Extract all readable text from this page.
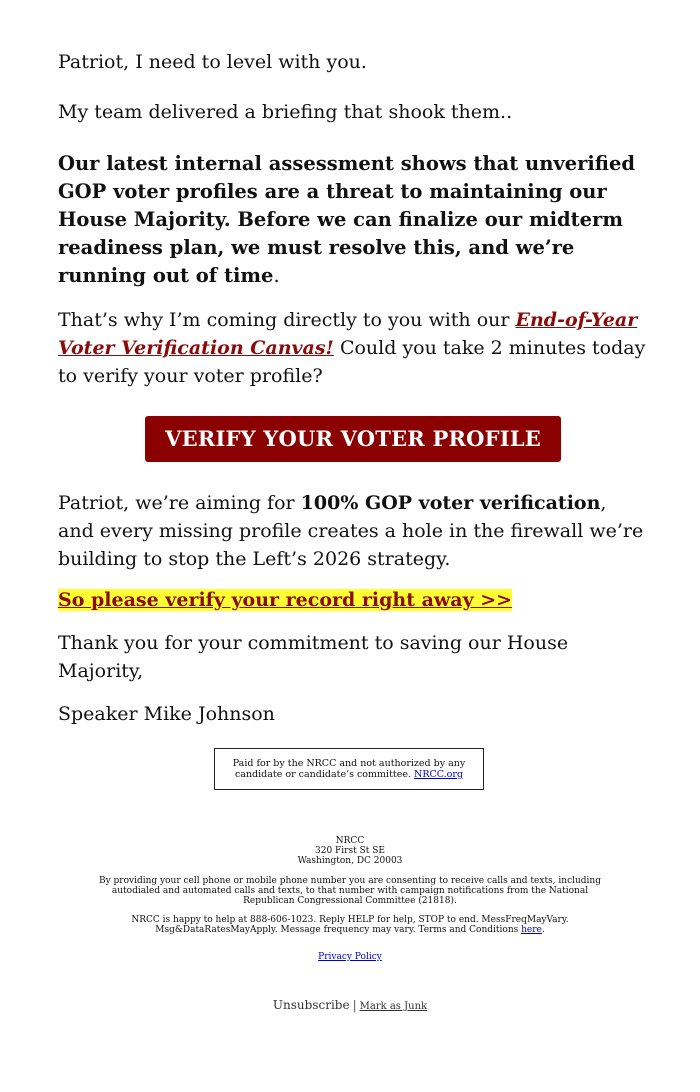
Patriot, I need to level with you.

My team delivered a briefing that shook them..

Our latest internal assessment shows that unverified GOP voter profiles are a threat to maintaining our House Majority. Before we can finalize our midterm readiness plan, we must resolve this, and we’re running out of time.

That’s why I’m coming directly to you with our End-of-Year Voter Verification Canvas! Could you take 2 minutes today to verify your voter profile?

VERIFY YOUR VOTER PROFILE

Patriot, we’re aiming for 100% GOP voter verification, and every missing profile creates a hole in the firewall we’re building to stop the Left’s 2026 strategy.

So please verify your record right away >>

Thank you for your commitment to saving our House Majority,

Speaker Mike Johnson

Paid for by the NRCC and not authorized by any candidate or candidate’s committee. NRCC.org
NRCC
320 First St SE
Washington, DC 20003
By providing your cell phone or mobile phone number you are consenting to receive calls and texts, including autodialed and automated calls and texts, to that number with campaign notifications from the National Republican Congressional Committee (21818).
NRCC is happy to help at 888-606-1023. Reply HELP for help, STOP to end. MessFreqMayVary. Msg&DataRatesMayApply. Message frequency may vary. Terms and Conditions here.
Privacy Policy
Unsubscribe | Mark as Junk
